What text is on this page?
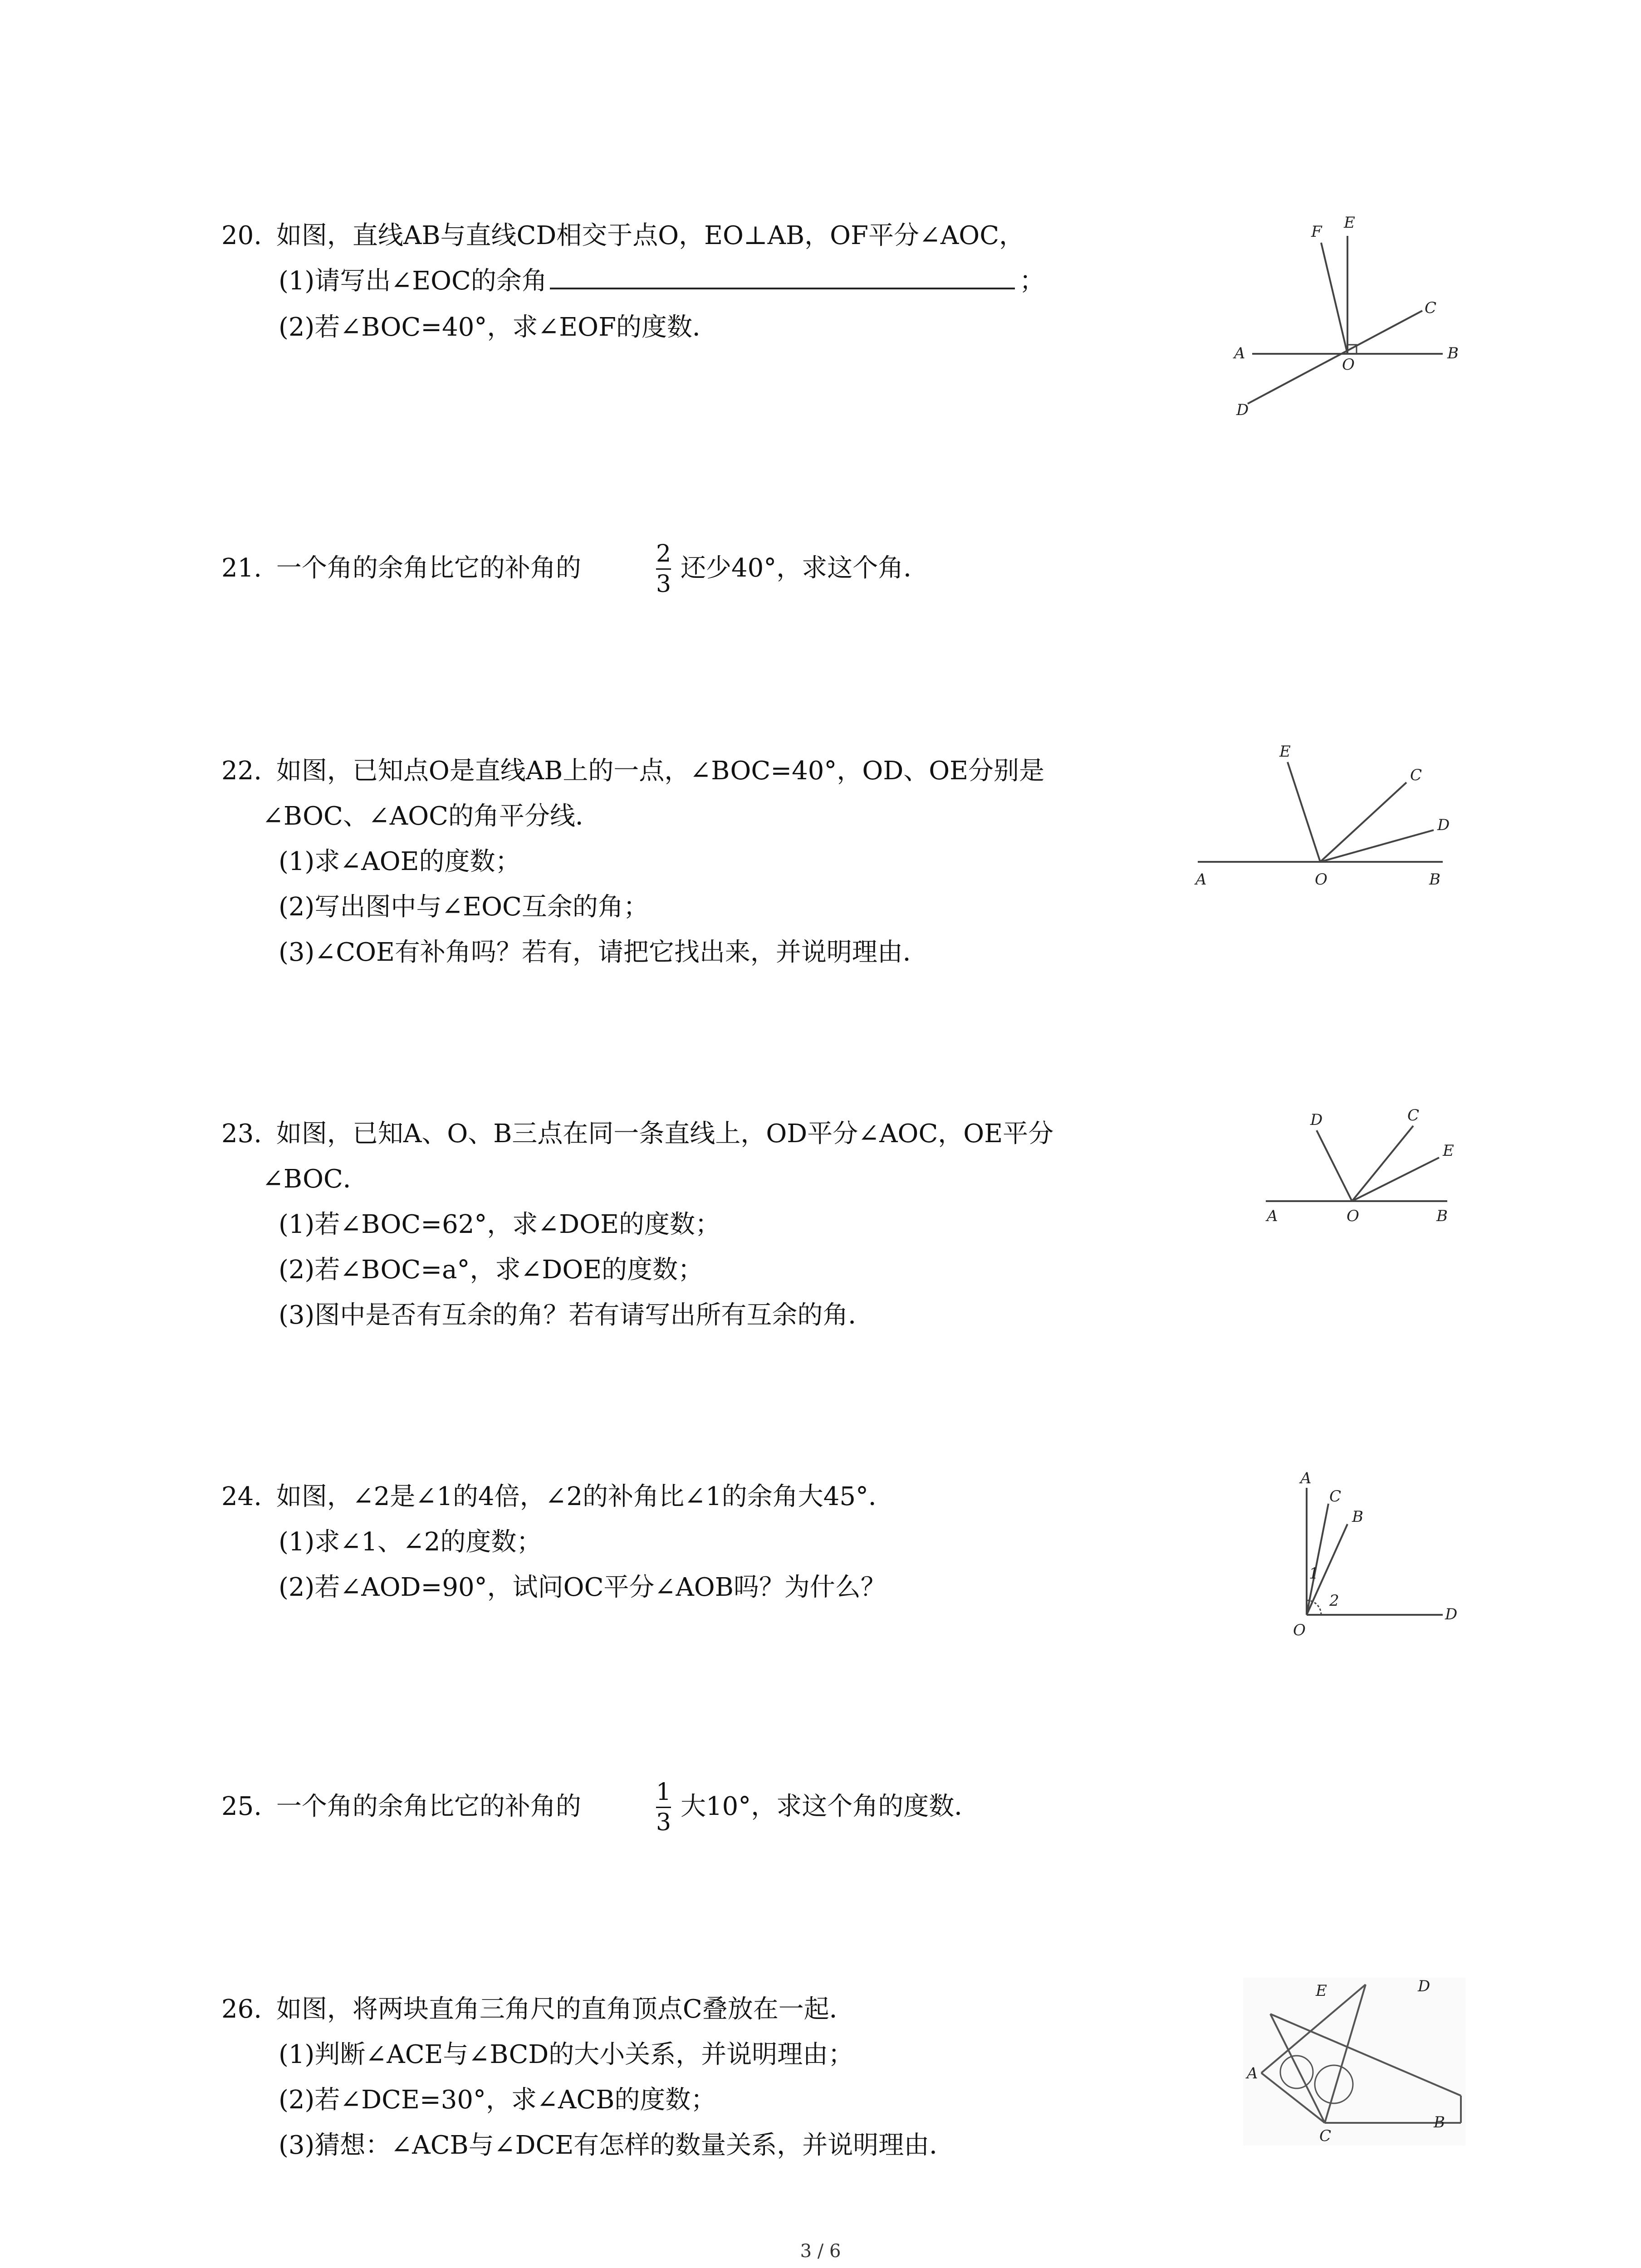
20. 如图，直线AB与直线CD相交于点O，EO⊥AB，OF平分∠AOC，
(1)请写出∠EOC的余角	；
(2)若∠BOC=40°，求∠EOF的度数．
F E
C
A
O
B
D
21. 一个角的余角比它的补角的	2
3
还少40°，求这个角．
22. 如图，已知点O是直线AB上的一点，∠BOC=40°，OD、OE分别是
∠BOC、∠AOC的角平分线．
(1)求∠AOE的度数；
(2)写出图中与∠EOC互余的角；
(3)∠COE有补角吗？若有，请把它找出来，并说明理由．
E
C
D
A	O	B
23. 如图，已知A、O、B三点在同一条直线上，OD平分∠AOC，OE平分
∠BOC．
(1)若∠BOC=62°，求∠DOE的度数；
(2)若∠BOC=a°，求∠DOE的度数；
(3)图中是否有互余的角？若有请写出所有互余的角．
D	C
E
A	O	B
24. 如图，∠2是∠1的4倍，∠2的补角比∠1的余角大45°．
(1)求∠1、∠2的度数；
(2)若∠AOD=90°，试问OC平分∠AOB吗？为什么？
A
C
B
1
2
O
D
25. 一个角的余角比它的补角的	1
3
大10°，求这个角的度数．
26. 如图，将两块直角三角尺的直角顶点C叠放在一起．
(1)判断∠ACE与∠BCD的大小关系，并说明理由；
(2)若∠DCE=30°，求∠ACB的度数；
(3)猜想：∠ACB与∠DCE有怎样的数量关系，并说明理由．
E	D
A
C
B
3 / 6
